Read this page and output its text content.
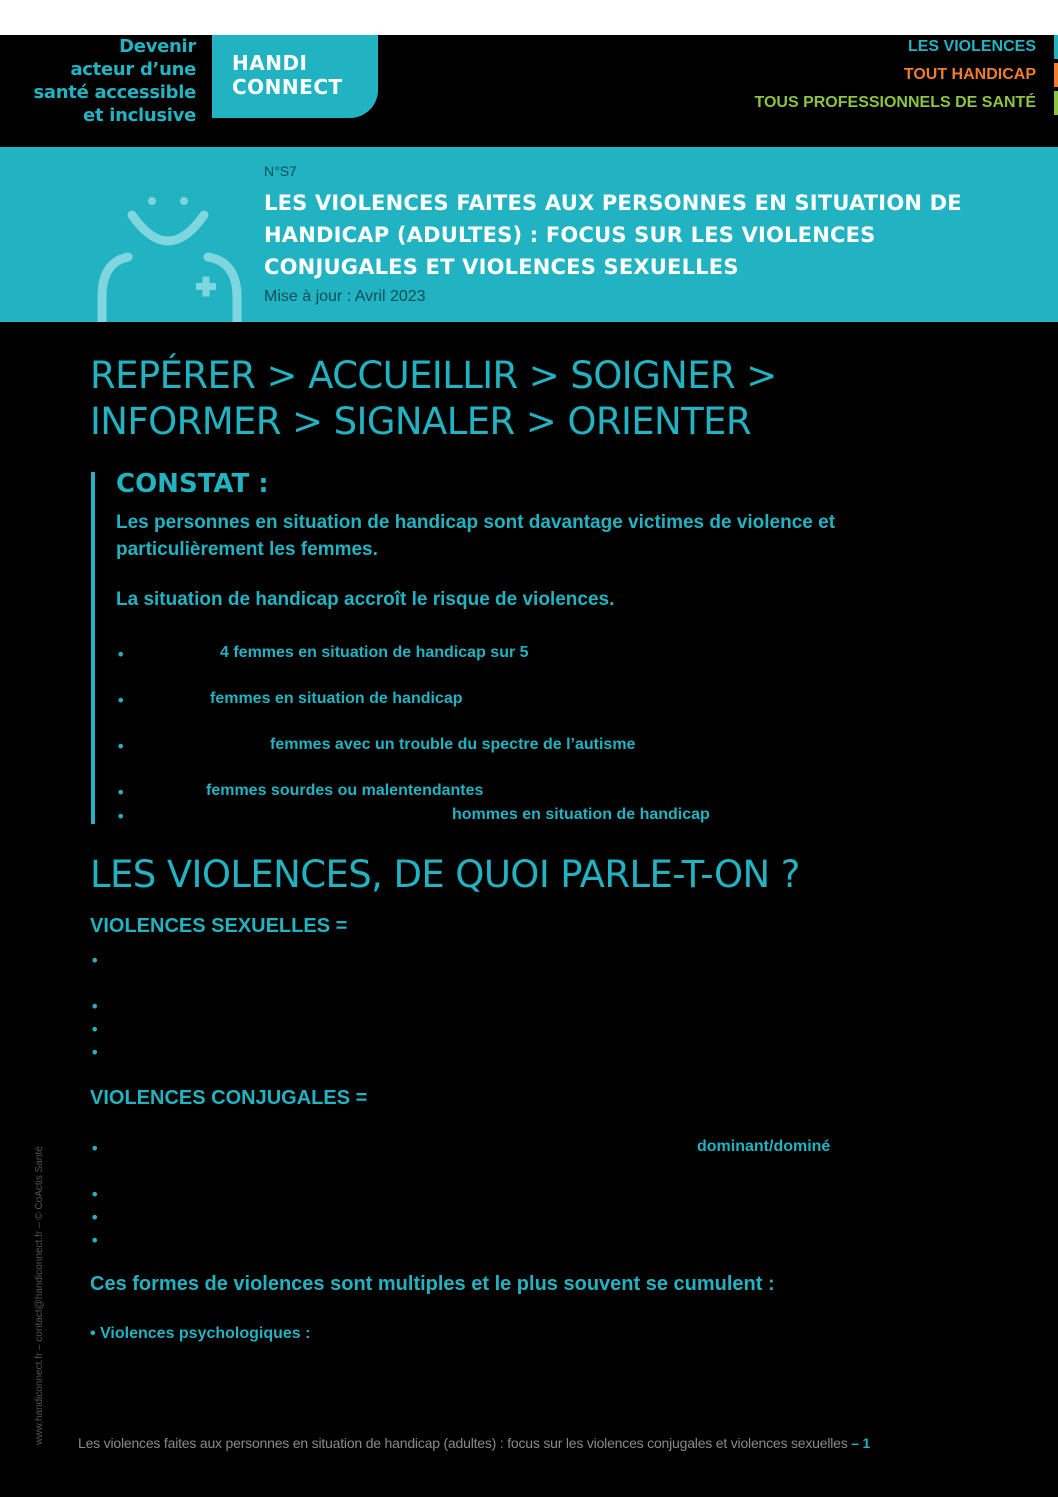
Devenir
acteur d’une
santé accessible
et inclusive
HANDI
CONNECT
LES VIOLENCES
TOUT HANDICAP
TOUS PROFESSIONNELS DE SANTÉ
N°S7
LES VIOLENCES FAITES AUX PERSONNES EN SITUATION DE HANDICAP (ADULTES) : FOCUS SUR LES VIOLENCES CONJUGALES ET VIOLENCES SEXUELLES
Mise à jour : Avril 2023
REPÉRER > ACCUEILLIR > SOIGNER >
INFORMER > SIGNALER > ORIENTER
CONSTAT :
Les personnes en situation de handicap sont davantage victimes de violence et particulièrement les femmes.
La situation de handicap accroît le risque de violences.
•	4 femmes en situation de handicap sur 5
•	femmes en situation de handicap
•	femmes avec un trouble du spectre de l’autisme
•	femmes sourdes ou malentendantes
•	hommes en situation de handicap
LES VIOLENCES, DE QUOI PARLE-T-ON ?
VIOLENCES SEXUELLES =
•
•
•
•
VIOLENCES CONJUGALES =
•	dominant/dominé
•
•
•
Ces formes de violences sont multiples et le plus souvent se cumulent :
• Violences psychologiques :
www.handiconnect.fr – contact@handiconnect.fr – © CoActis Santé Les violences faites aux personnes en situation de handicap (adultes) : focus sur les violences conjugales et violences sexuelles – 1
